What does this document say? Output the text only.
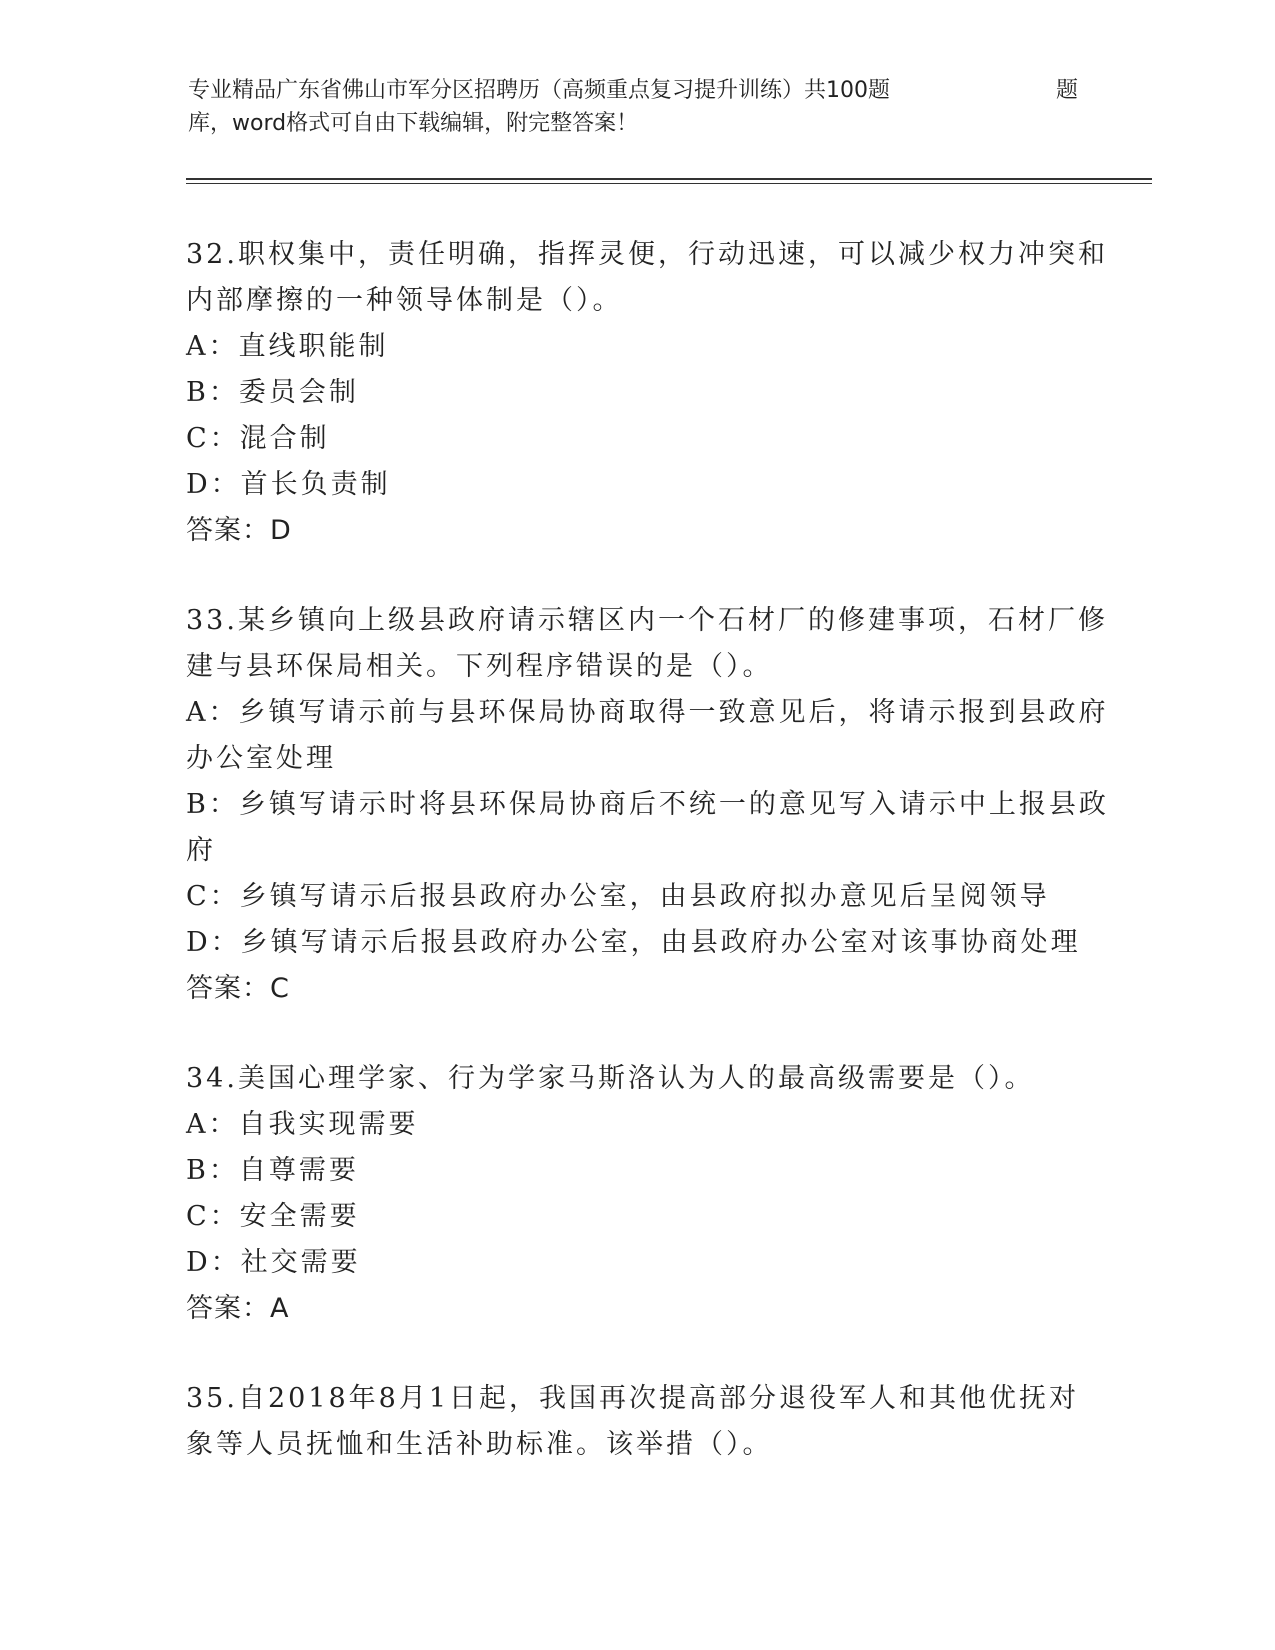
专业精品广东省佛山市军分区招聘历（高频重点复习提升训练）共100题	题
库，word格式可自由下载编辑，附完整答案！
32.职权集中，责任明确，指挥灵便，行动迅速，可以减少权力冲突和
内部摩擦的一种领导体制是（）。
A：直线职能制
B：委员会制
C：混合制
D：首长负责制
答案：D
33.某乡镇向上级县政府请示辖区内一个石材厂的修建事项，石材厂修
建与县环保局相关。下列程序错误的是（）。
A：乡镇写请示前与县环保局协商取得一致意见后，将请示报到县政府
办公室处理
B：乡镇写请示时将县环保局协商后不统一的意见写入请示中上报县政
府
C：乡镇写请示后报县政府办公室，由县政府拟办意见后呈阅领导
D：乡镇写请示后报县政府办公室，由县政府办公室对该事协商处理
答案：C
34.美国心理学家、行为学家马斯洛认为人的最高级需要是（）。
A：自我实现需要
B：自尊需要
C：安全需要
D：社交需要
答案：A
35.自2018年8月1日起，我国再次提高部分退役军人和其他优抚对
象等人员抚恤和生活补助标准。该举措（）。
